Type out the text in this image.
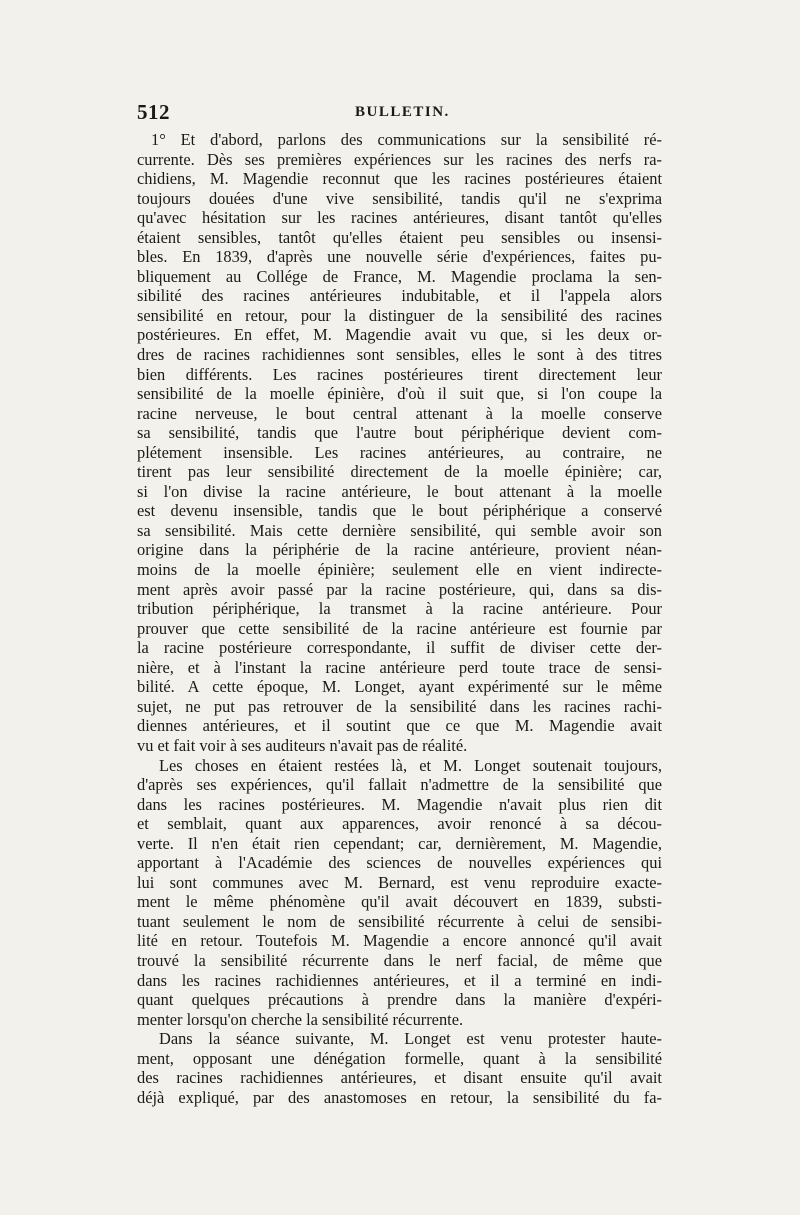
512	BULLETIN.
1° Et d'abord, parlons des communications sur la sensibilité ré-
currente. Dès ses premières expériences sur les racines des nerfs ra-
chidiens, M. Magendie reconnut que les racines postérieures étaient
toujours douées d'une vive sensibilité, tandis qu'il ne s'exprima
qu'avec hésitation sur les racines antérieures, disant tantôt qu'elles
étaient sensibles, tantôt qu'elles étaient peu sensibles ou insensi-
bles. En 1839, d'après une nouvelle série d'expériences, faites pu-
bliquement au Collége de France, M. Magendie proclama la sen-
sibilité des racines antérieures indubitable, et il l'appela alors
sensibilité en retour, pour la distinguer de la sensibilité des racines
postérieures. En effet, M. Magendie avait vu que, si les deux or-
dres de racines rachidiennes sont sensibles, elles le sont à des titres
bien différents. Les racines postérieures tirent directement leur
sensibilité de la moelle épinière, d'où il suit que, si l'on coupe la
racine nerveuse, le bout central attenant à la moelle conserve
sa sensibilité, tandis que l'autre bout périphérique devient com-
plétement insensible. Les racines antérieures, au contraire, ne
tirent pas leur sensibilité directement de la moelle épinière; car,
si l'on divise la racine antérieure, le bout attenant à la moelle
est devenu insensible, tandis que le bout périphérique a conservé
sa sensibilité. Mais cette dernière sensibilité, qui semble avoir son
origine dans la périphérie de la racine antérieure, provient néan-
moins de la moelle épinière; seulement elle en vient indirecte-
ment après avoir passé par la racine postérieure, qui, dans sa dis-
tribution périphérique, la transmet à la racine antérieure. Pour
prouver que cette sensibilité de la racine antérieure est fournie par
la racine postérieure correspondante, il suffit de diviser cette der-
nière, et à l'instant la racine antérieure perd toute trace de sensi-
bilité. A cette époque, M. Longet, ayant expérimenté sur le même
sujet, ne put pas retrouver de la sensibilité dans les racines rachi-
diennes antérieures, et il soutint que ce que M. Magendie avait
vu et fait voir à ses auditeurs n'avait pas de réalité.
Les choses en étaient restées là, et M. Longet soutenait toujours,
d'après ses expériences, qu'il fallait n'admettre de la sensibilité que
dans les racines postérieures. M. Magendie n'avait plus rien dit
et semblait, quant aux apparences, avoir renoncé à sa décou-
verte. Il n'en était rien cependant; car, dernièrement, M. Magendie,
apportant à l'Académie des sciences de nouvelles expériences qui
lui sont communes avec M. Bernard, est venu reproduire exacte-
ment le même phénomène qu'il avait découvert en 1839, substi-
tuant seulement le nom de sensibilité récurrente à celui de sensibi-
lité en retour. Toutefois M. Magendie a encore annoncé qu'il avait
trouvé la sensibilité récurrente dans le nerf facial, de même que
dans les racines rachidiennes antérieures, et il a terminé en indi-
quant quelques précautions à prendre dans la manière d'expéri-
menter lorsqu'on cherche la sensibilité récurrente.
Dans la séance suivante, M. Longet est venu protester haute-
ment, opposant une dénégation formelle, quant à la sensibilité
des racines rachidiennes antérieures, et disant ensuite qu'il avait
déjà expliqué, par des anastomoses en retour, la sensibilité du fa-
